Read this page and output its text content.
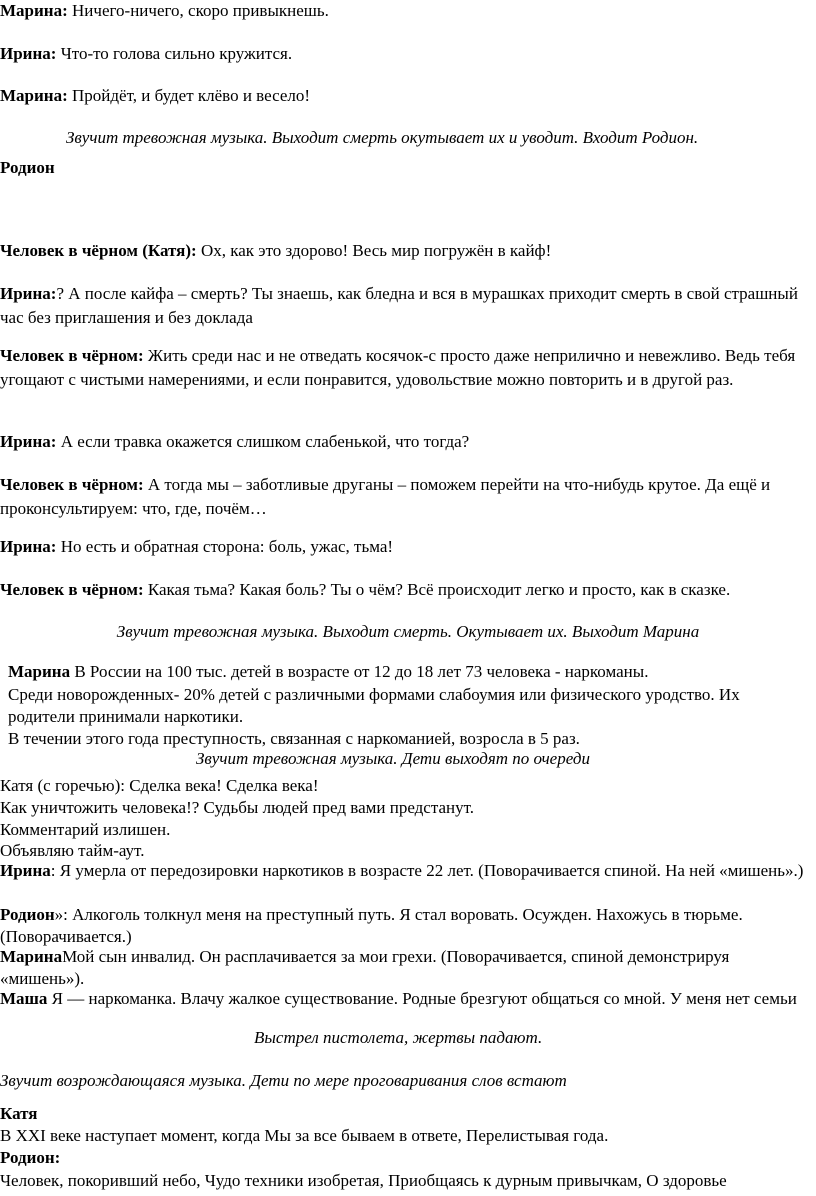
Марина: Ничего-ничего, скоро привыкнешь.
Ирина: Что-то голова сильно кружится.
Марина: Пройдёт, и будет клёво и весело!
Звучит тревожная музыка. Выходит смерть окутывает их и уводит. Входит Родион.
Родион
Человек в чёрном (Катя): Ох, как это здорово! Весь мир погружён в кайф!
Ирина:? А после кайфа – смерть? Ты знаешь, как бледна и вся в мурашках приходит смерть в свой страшный час без приглашения и без доклада
Человек в чёрном: Жить среди нас и не отведать косячок-с просто даже неприлично и невежливо. Ведь тебя угощают с чистыми намерениями, и если понравится, удовольствие можно повторить и в другой раз.
Ирина: А если травка окажется слишком слабенькой, что тогда?
Человек в чёрном: А тогда мы – заботливые друганы – поможем перейти на что-нибудь крутое. Да ещё и проконсультируем: что, где, почём…
Ирина: Но есть и обратная сторона: боль, ужас, тьма!
Человек в чёрном: Какая тьма? Какая боль? Ты о чём? Всё происходит легко и просто, как в сказке.
Звучит тревожная музыка. Выходит смерть. Окутывает их. Выходит Марина
Марина В России на 100 тыс. детей в возрасте от 12 до 18 лет 73 человека - наркоманы.
Среди новорожденных- 20% детей с различными формами слабоумия или физического уродство. Их
родители принимали наркотики.
В течении этого года преступность, связанная с наркоманией, возросла в 5 раз.
Звучит тревожная музыка. Дети выходят по очереди
Катя (с горечью): Сделка века! Сделка века!
Как уничтожить человека!? Судьбы людей пред вами предстанут.
Комментарий излишен.
Объявляю тайм-аут.
Ирина: Я умерла от передозировки наркотиков в возрасте 22 лет. (Поворачивается спиной. На ней «мишень».)
Родион»: Алкоголь толкнул меня на преступный путь. Я стал воровать. Осужден. Нахожусь в тюрьме.(Поворачивается.)
МаринаМой сын инвалид. Он расплачивается за мои грехи. (Поворачивается, спиной демонстрируя «мишень»).
Маша Я — наркоманка. Влачу жалкое существование. Родные брезгуют общаться со мной. У меня нет семьи
Выстрел пистолета, жертвы падают.
Звучит возрождающаяся музыка. Дети по мере проговаривания слов встают
Катя
В XXI веке наступает момент, когда Мы за все бываем в ответе, Перелистывая года.
Родион:
Человек, покоривший небо, Чудо техники изобретая, Приобщаясь к дурным привычкам, О здоровье
